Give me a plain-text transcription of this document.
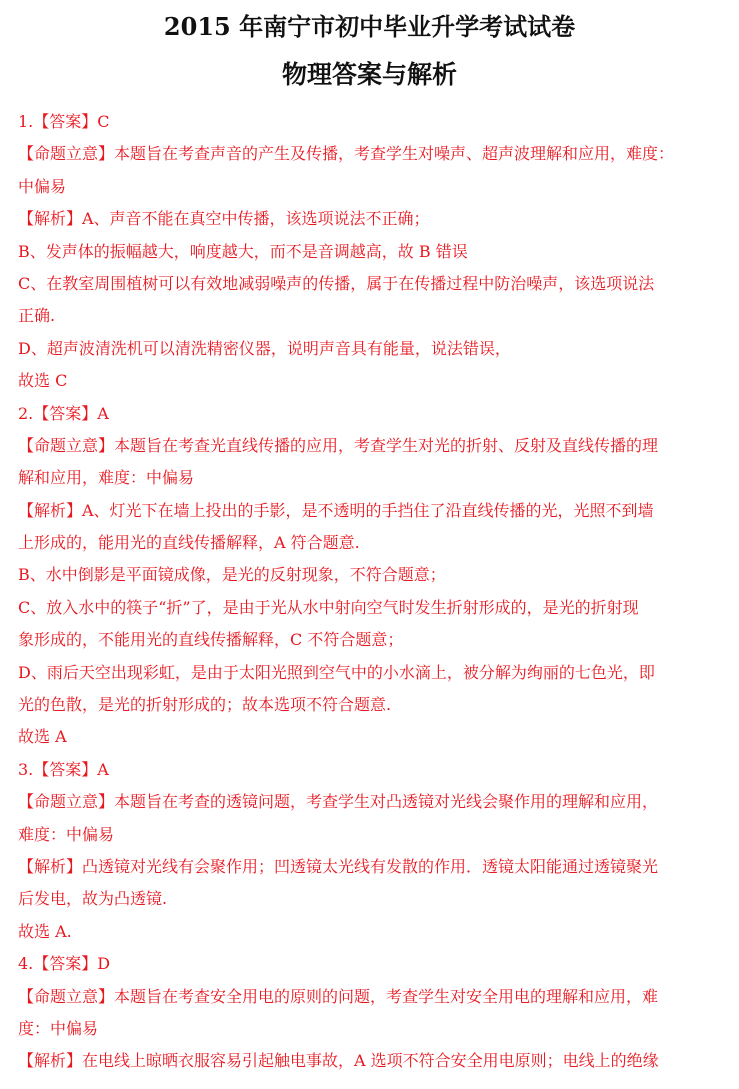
2015 年南宁市初中毕业升学考试试卷
物理答案与解析
1.【答案】C
【命题立意】本题旨在考查声音的产生及传播，考查学生对噪声、超声波理解和应用，难度：
中偏易
【解析】A、声音不能在真空中传播，该选项说法不正确；
B、发声体的振幅越大，响度越大，而不是音调越高，故 B 错误
C、在教室周围植树可以有效地减弱噪声的传播，属于在传播过程中防治噪声，该选项说法
正确.
D、超声波清洗机可以清洗精密仪器，说明声音具有能量，说法错误，
故选 C
2.【答案】A
【命题立意】本题旨在考查光直线传播的应用，考查学生对光的折射、反射及直线传播的理
解和应用，难度：中偏易
【解析】A、灯光下在墙上投出的手影，是不透明的手挡住了沿直线传播的光，光照不到墙
上形成的，能用光的直线传播解释，A 符合题意.
B、水中倒影是平面镜成像，是光的反射现象，不符合题意；
C、放入水中的筷子“折”了，是由于光从水中射向空气时发生折射形成的，是光的折射现
象形成的，不能用光的直线传播解释，C 不符合题意；
D、雨后天空出现彩虹，是由于太阳光照到空气中的小水滴上，被分解为绚丽的七色光，即
光的色散，是光的折射形成的；故本选项不符合题意.
故选 A
3.【答案】A
【命题立意】本题旨在考查的透镜问题，考查学生对凸透镜对光线会聚作用的理解和应用，
难度：中偏易
【解析】凸透镜对光线有会聚作用；凹透镜太光线有发散的作用．透镜太阳能通过透镜聚光
后发电，故为凸透镜.
故选 A.
4.【答案】D
【命题立意】本题旨在考查安全用电的原则的问题，考查学生对安全用电的理解和应用，难
度：中偏易
【解析】在电线上晾晒衣服容易引起触电事故，A 选项不符合安全用电原则；电线上的绝缘
